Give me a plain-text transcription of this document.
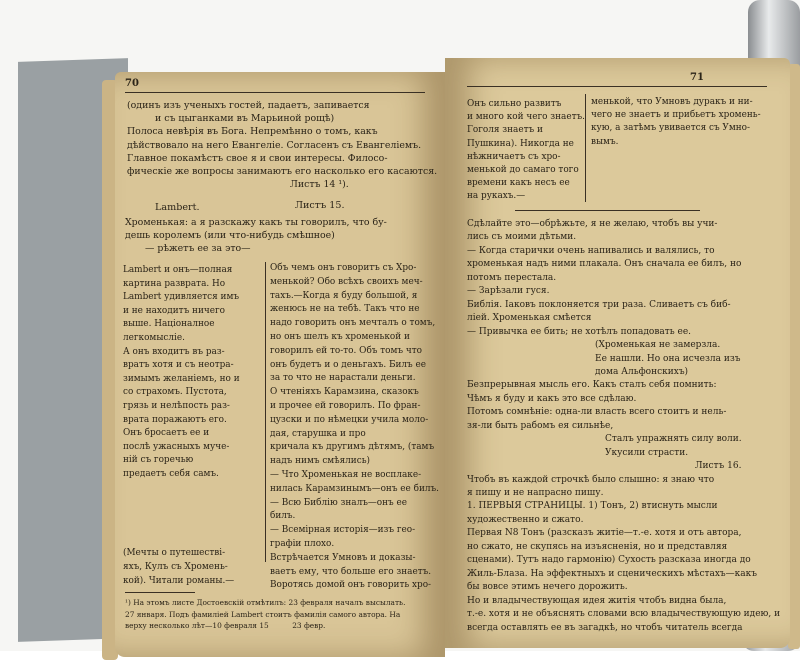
70
(одинъ изъ ученыхъ гостей, падаетъ, запивается
и съ цыганками въ Марьиной рощѣ)
Полоса невѣрія въ Бога. Непремѣнно о томъ, какъ
дѣйствовало на него Евангеліе. Согласенъ съ Евангеліемъ.
Главное покамѣстъ свое я и свои интересы. Филосо-
фическіе же вопросы занимаютъ его насколько его касаются.
Листъ 14 ¹).
Lambert.	Листъ 15.
Хроменькая: а я разскажу какъ ты говорилъ, что бу-
дешь королемъ (или что-нибудь смѣшное)
— рѣжетъ ее за это—
Lambert и онъ—полная
картина разврата. Но
Lambert удивляется имъ
и не находитъ ничего
выше. Націоналное
легкомысліе.
А онъ входитъ въ раз-
вратъ хотя и съ неотра-
зимымъ желаніемъ, но и
со страхомъ. Пустота,
грязь и нелѣпость раз-
врата поражаютъ его.
Онъ бросаетъ ее и
послѣ ужасныхъ муче-
ній съ горечью
предаетъ себя самъ.
Объ чемъ онъ говоритъ съ Хро-
менькой? Обо всѣхъ своихъ меч-
тахъ.—Когда я буду большой, я
женюсь не на тебѣ. Такъ что не
надо говорить онъ мечталъ о томъ,
но онъ шелъ къ хроменькой и
говорилъ ей то-то. Объ томъ что
онъ будетъ и о деньгахъ. Билъ ее
за то что не нарастали деньги.
О чтеніяхъ Карамзина, сказокъ
и прочее ей говорилъ. По фран-
цузски и по нѣмецки учила моло-
дая, старушка и про
кричала къ другимъ дѣтямъ, (тамъ
надъ нимъ смѣялись)
— Что Хроменькая не восплаке-
нилась Карамзинымъ—онъ ее билъ.
— Всю Библію зналъ—онъ ее
билъ.
— Всемірная исторія—изъ гео-
графіи плохо.
Встрѣчается Умновъ и доказы-
ваетъ ему, что больше его знаетъ.
Воротясь домой онъ говорить хро-
(Мечты о путешестві-
яхъ, Кулъ съ Хромень-
кой). Читали романы.—
¹) На этомъ листе Достоевскій отмѣтилъ: 23 февраля началъ высылать.
27 января. Подъ фамиліей Lambert стоитъ фамилія самого автора. На
верху несколько лѣт—10 февраля 15          23 февр.
71
Онъ сильно развитъ
и много кой чего знаетъ.
Гоголя знаетъ и
Пушкина). Никогда не
нѣжничаетъ съ хро-
менькой до самаго того
времени какъ несъ ее
на рукахъ.—
менькой, что Умновъ дуракъ и ни-
чего не знаетъ и прибьетъ хромень-
кую, а затѣмъ увивается съ Умно-
вымъ.
Сдѣлайте это—обрѣжьте, я не желаю, чтобъ вы учи-
лись съ моими дѣтьми.
— Когда старички очень напивались и валялись, то
хроменькая надъ ними плакала. Онъ сначала ее билъ, но
потомъ перестала.
— Зарѣзали гуся.
Библія. Іаковъ поклоняется три раза. Сливаетъ съ биб-
ліей. Хроменькая смѣется
— Привычка ее бить; не хотѣлъ попадовать ее.
(Хроменькая не замерзла.
Ее нашли. Но она исчезла изъ
дома Альфонскихъ)
Безпрерывная мысль его. Какъ сталъ себя помнить:
Чѣмъ я буду и какъ это все сдѣлаю.
Потомъ сомнѣніе: одна-ли власть всего стоитъ и нель-
зя-ли быть рабомъ ея сильнѣе,
Сталъ упражнять силу воли.
Укусили страсти.
Листъ 16.
Чтобъ въ каждой строчкѣ было слышно: я знаю что
я пишу и не напрасно пишу.
1. ПЕРВЫЯ СТРАНИЦЫ. 1) Тонъ, 2) втиснуть мысли
художественно и сжато.
Первая N8 Тонъ (разсказъ житіе—т.-е. хотя и отъ автора,
но сжато, не скупясь на изъясненія, но и представляя
сценами). Тутъ надо гармонію) Сухость разсказа иногда до
Жиль-Блаза. На эффектныхъ и сценическихъ мѣстахъ—какъ
бы вовсе этимъ нечего дорожить.
Но и владычествующая идея житія чтобъ видна была,
т.-е. хотя и не объяснять словами всю владычествующую идею, и
всегда оставлять ее въ загадкѣ, но чтобъ читатель всегда
